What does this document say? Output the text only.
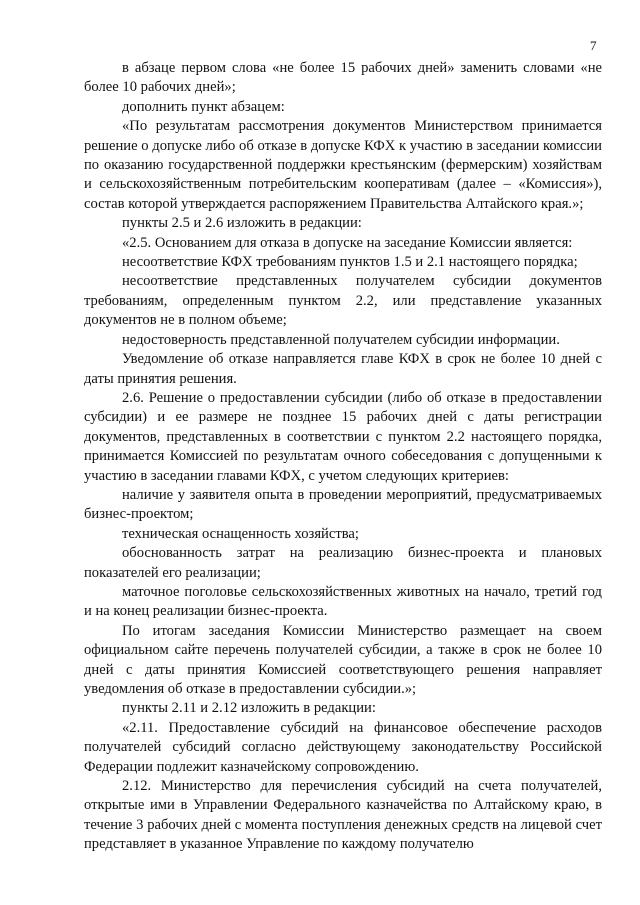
7

в абзаце первом слова «не более 15 рабочих дней» заменить словами «не более 10 рабочих дней»;

дополнить пункт абзацем:

«По результатам рассмотрения документов Министерством принимается решение о допуске либо об отказе в допуске КФХ к участию в заседании комиссии по оказанию государственной поддержки крестьянским (фермерским) хозяйствам и сельскохозяйственным потребительским кооперативам (далее – «Комиссия»), состав которой утверждается распоряжением Правительства Алтайского края.»;

пункты 2.5 и 2.6 изложить в редакции:

«2.5. Основанием для отказа в допуске на заседание Комиссии является:

несоответствие КФХ требованиям пунктов 1.5 и 2.1 настоящего порядка;

несоответствие представленных получателем субсидии документов требованиям, определенным пунктом 2.2, или представление указанных документов не в полном объеме;

недостоверность представленной получателем субсидии информации.

Уведомление об отказе направляется главе КФХ в срок не более 10 дней с даты принятия решения.

2.6. Решение о предоставлении субсидии (либо об отказе в предоставлении субсидии) и ее размере не позднее 15 рабочих дней с даты регистрации документов, представленных в соответствии с пунктом 2.2 настоящего порядка, принимается Комиссией по результатам очного собеседования с допущенными к участию в заседании главами КФХ, с учетом следующих критериев:

наличие у заявителя опыта в проведении мероприятий, предусматриваемых бизнес-проектом;

техническая оснащенность хозяйства;

обоснованность затрат на реализацию бизнес-проекта и плановых показателей его реализации;

маточное поголовье сельскохозяйственных животных на начало, третий год и на конец реализации бизнес-проекта.

По итогам заседания Комиссии Министерство размещает на своем официальном сайте перечень получателей субсидии, а также в срок не более 10 дней с даты принятия Комиссией соответствующего решения направляет уведомления об отказе в предоставлении субсидии.»;

пункты 2.11 и 2.12 изложить в редакции:

«2.11. Предоставление субсидий на финансовое обеспечение расходов получателей субсидий согласно действующему законодательству Российской Федерации подлежит казначейскому сопровождению.

2.12. Министерство для перечисления субсидий на счета получателей, открытые ими в Управлении Федерального казначейства по Алтайскому краю, в течение 3 рабочих дней с момента поступления денежных средств на лицевой счет представляет в указанное Управление по каждому получателю
